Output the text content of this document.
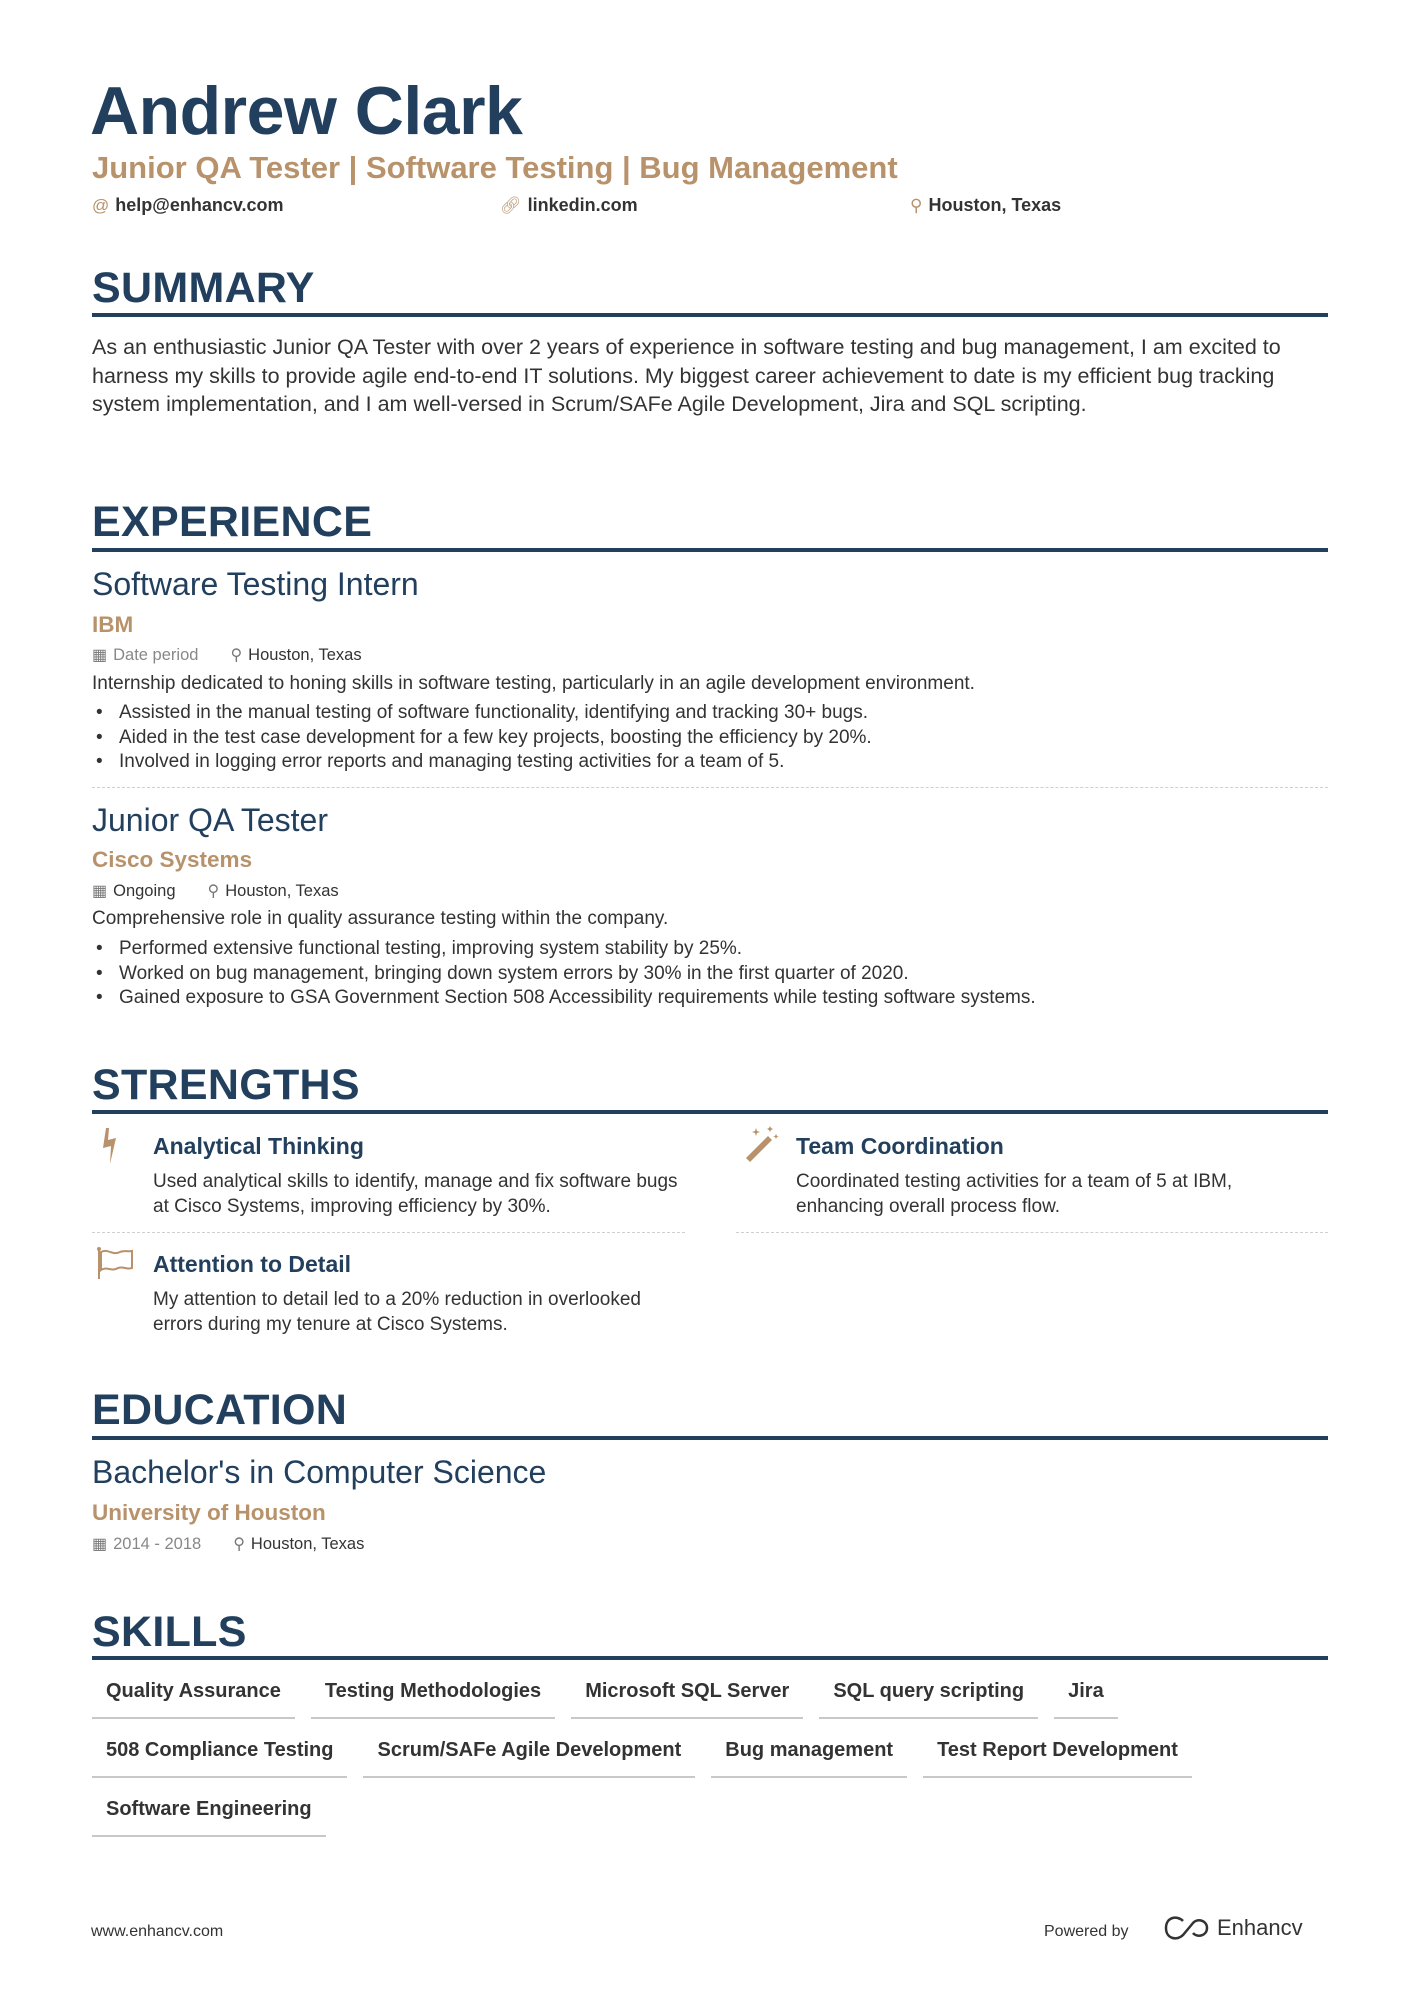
Andrew Clark
Junior QA Tester | Software Testing | Bug Management
@ help@enhancv.com	🔗︎ linkedin.com	⚲ Houston, Texas
SUMMARY
As an enthusiastic Junior QA Tester with over 2 years of experience in software testing and bug management, I am excited to harness my skills to provide agile end-to-end IT solutions. My biggest career achievement to date is my efficient bug tracking system implementation, and I am well-versed in Scrum/SAFe Agile Development, Jira and SQL scripting.
EXPERIENCE
Software Testing Intern
IBM
▦ Date period ⚲ Houston, Texas
Internship dedicated to honing skills in software testing, particularly in an agile development environment.
• Assisted in the manual testing of software functionality, identifying and tracking 30+ bugs.
• Aided in the test case development for a few key projects, boosting the efficiency by 20%.
• Involved in logging error reports and managing testing activities for a team of 5.
Junior QA Tester
Cisco Systems
▦ Ongoing ⚲ Houston, Texas
Comprehensive role in quality assurance testing within the company.
• Performed extensive functional testing, improving system stability by 25%.
• Worked on bug management, bringing down system errors by 30% in the first quarter of 2020.
• Gained exposure to GSA Government Section 508 Accessibility requirements while testing software systems.
STRENGTHS
Analytical Thinking
Used analytical skills to identify, manage and fix software bugs at Cisco Systems, improving efficiency by 30%.
Team Coordination
Coordinated testing activities for a team of 5 at IBM, enhancing overall process flow.
Attention to Detail
My attention to detail led to a 20% reduction in overlooked errors during my tenure at Cisco Systems.
EDUCATION
Bachelor's in Computer Science
University of Houston
▦ 2014 - 2018 ⚲ Houston, Texas
SKILLS
Quality Assurance	Testing Methodologies	Microsoft SQL Server	SQL query scripting	Jira
508 Compliance Testing	Scrum/SAFe Agile Development	Bug management	Test Report Development
Software Engineering
www.enhancv.com	Powered by	Enhancv
